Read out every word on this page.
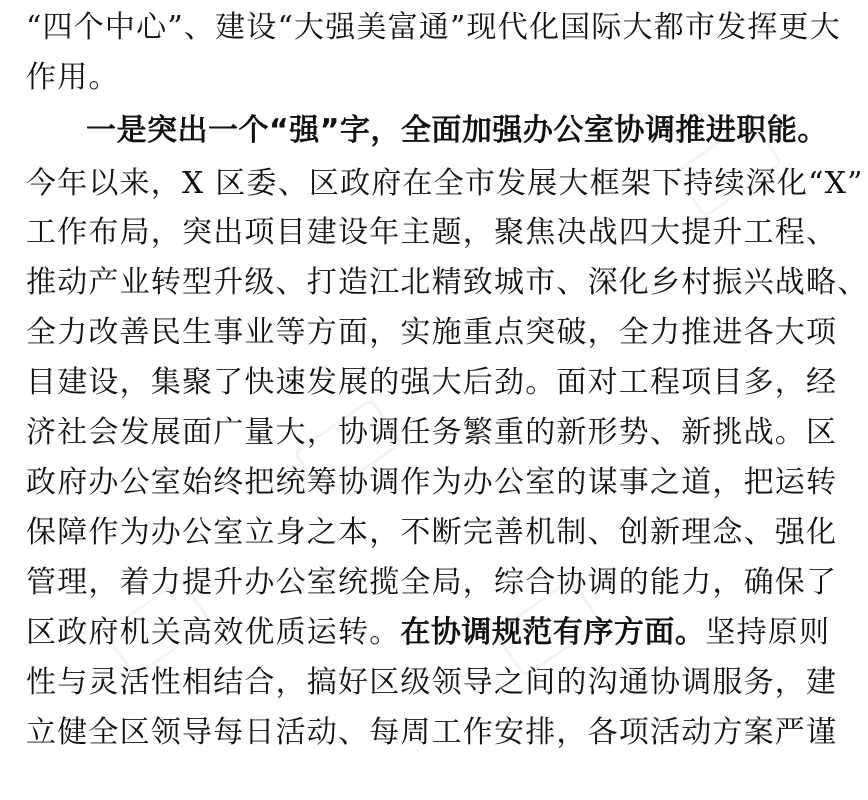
“四个中心”、建设“大强美富通”现代化国际大都市发挥更大
作用。
一是突出一个“强”字，全面加强办公室协调推进职能。
今年以来，X 区委、区政府在全市发展大框架下持续深化“X”
工作布局，突出项目建设年主题，聚焦决战四大提升工程、
推动产业转型升级、打造江北精致城市、深化乡村振兴战略、
全力改善民生事业等方面，实施重点突破，全力推进各大项
目建设，集聚了快速发展的强大后劲。面对工程项目多，经
济社会发展面广量大，协调任务繁重的新形势、新挑战。区
政府办公室始终把统筹协调作为办公室的谋事之道，把运转
保障作为办公室立身之本，不断完善机制、创新理念、强化
管理，着力提升办公室统揽全局，综合协调的能力，确保了
区政府机关高效优质运转。在协调规范有序方面。坚持原则
性与灵活性相结合，搞好区级领导之间的沟通协调服务，建
立健全区领导每日活动、每周工作安排，各项活动方案严谨
